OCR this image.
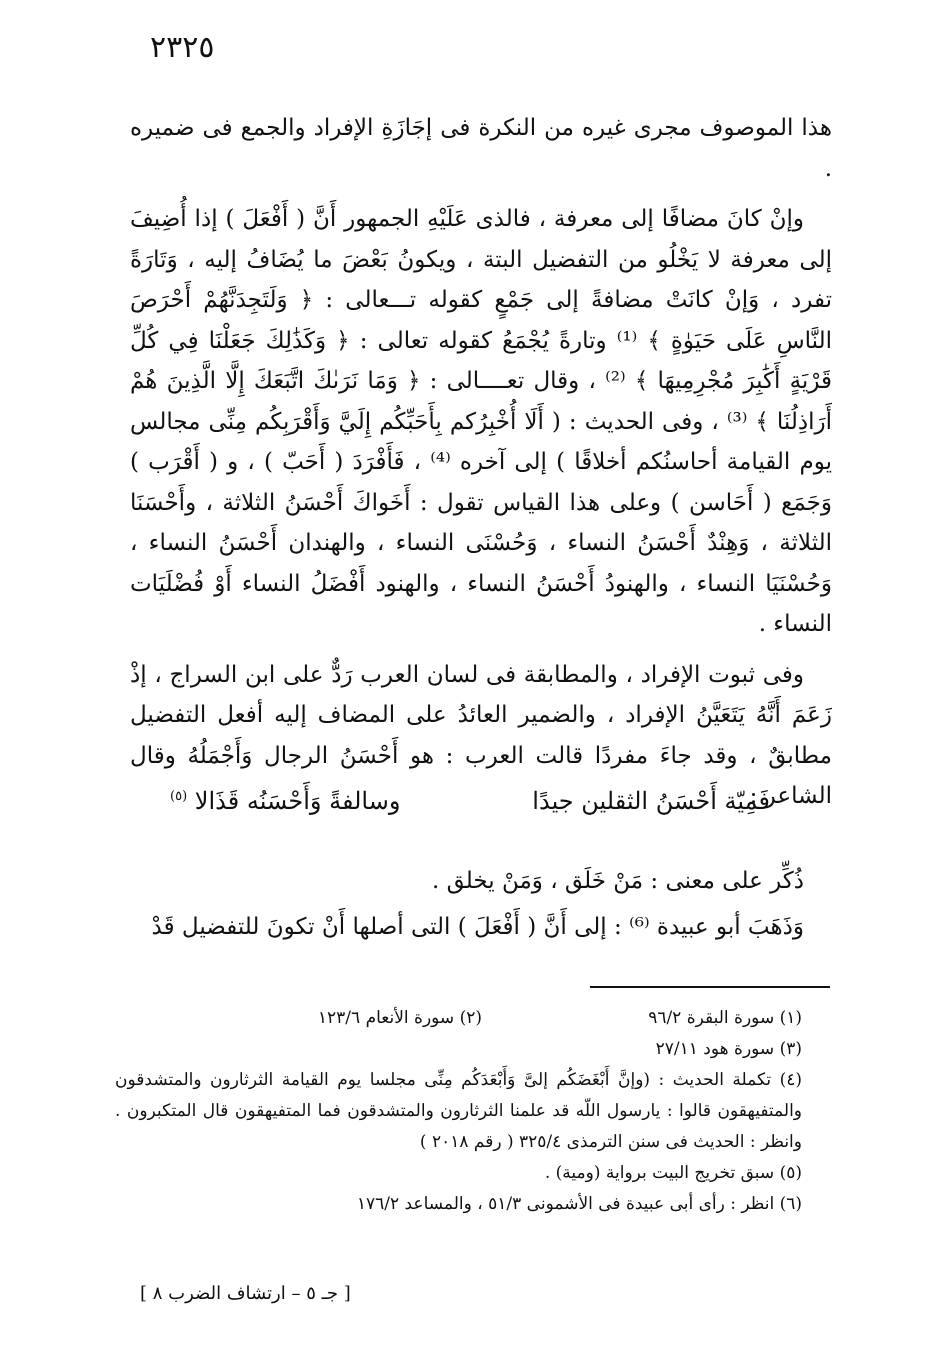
٢٣٢٥

هذا الموصوف مجرى غيره من النكرة فى إجَازَةِ الإفراد والجمع فى ضميره .

وإنْ كانَ مضافًا إلى معرفة ، فالذى عَلَيْهِ الجمهور أَنَّ ( أَفْعَلَ ) إذا أُضِيفَ إلى معرفة لا يَخْلُو من التفضيل البتة ، ويكونُ بَعْضَ ما يُضَافُ إليه ، وَتَارَةً تفرد ، وَإنْ كانَتْ مضافةً إلى جَمْعٍ كقوله تـــعالى : ﴿ وَلَتَجِدَنَّهُمْ أَحْرَصَ النَّاسِ عَلَى حَيَوٰةٍ ﴾ ⁽¹⁾ وتارةً يُجْمَعُ كقوله تعالى : ﴿ وَكَذَٰلِكَ جَعَلْنَا فِي كُلِّ قَرْيَةٍ أَكَٰبِرَ مُجْرِمِيهَا ﴾ ⁽²⁾ ، وقال تعــــالى : ﴿ وَمَا نَرَىٰكَ اتَّبَعَكَ إِلَّا الَّذِينَ هُمْ أَرَاذِلُنَا ﴾ ⁽³⁾ ، وفى الحديث : ( أَلَا أُخْبِرُكم بِأَحَبِّكُم إِلَيَّ وَأَقْرَبِكُم مِنِّى مجالس يوم القيامة أحاسنُكم أخلاقًا ) إلى آخره ⁽⁴⁾ ، فَأَفْرَدَ ( أَحَبّ ) ، و ( أَقْرَب ) وَجَمَع ( أَحَاسن ) وعلى هذا القياس تقول : أَخَواكَ أَحْسَنُ الثلاثة ، وأَحْسَنَا الثلاثة ، وَهِنْدٌ أَحْسَنُ النساء ، وَحُسْنَى النساء ، والهندان أَحْسَنُ النساء ، وَحُسْنَيَا النساء ، والهنودُ أَحْسَنُ النساء ، والهنود أَفْضَلُ النساء أَوْ فُضْلَيَات النساء .

وفى ثبوت الإفراد ، والمطابقة فى لسان العرب رَدٌّ على ابن السراج ، إذْ زَعَمَ أَنَّهُ يَتَعَيَّنُ الإفراد ، والضمير العائدُ على المضاف إليه أفعل التفضيل مطابقٌ ، وقد جاءَ مفردًا قالت العرب : هو أَحْسَنُ الرجال وَأَجْمَلُهُ وقال الشاعر :

فَمِيّة أَحْسَنُ الثقلين جيدًا
وسالفةً وَأَحْسَنُه قَذَالا $^{(٥)}$

ذُكِّر على معنى : مَنْ خَلَق ، وَمَنْ يخلق .

وَذَهَبَ أبو عبيدة ⁽⁶⁾ : إلى أَنَّ ( أَفْعَلَ ) التى أصلها أَنْ تكونَ للتفضيل قَدْ

(١) سورة البقرة ٩٦/٢
(٢) سورة الأنعام ١٢٣/٦
(٣) سورة هود ٢٧/١١
(٤) تكملة الحديث : (وإنَّ أَبْغَضَكُم إلىَّ وَأَبْعَدَكُم مِنِّى مجلسا يوم القيامة الثرثارون والمتشدقون والمتفيهقون قالوا : يارسول اللّه قد علمنا الثرثارون والمتشدقون فما المتفيهقون قال المتكبرون . وانظر : الحديث فى سنن الترمذى ٣٢٥/٤ ( رقم ٢٠١٨ )
(٥) سبق تخريج البيت برواية (ومية) .
(٦) انظر : رأى أبى عبيدة فى الأشمونى ٥١/٣ ، والمساعد ١٧٦/٢
[ جـ ٥ – ارتشاف الضرب ٨ ]
